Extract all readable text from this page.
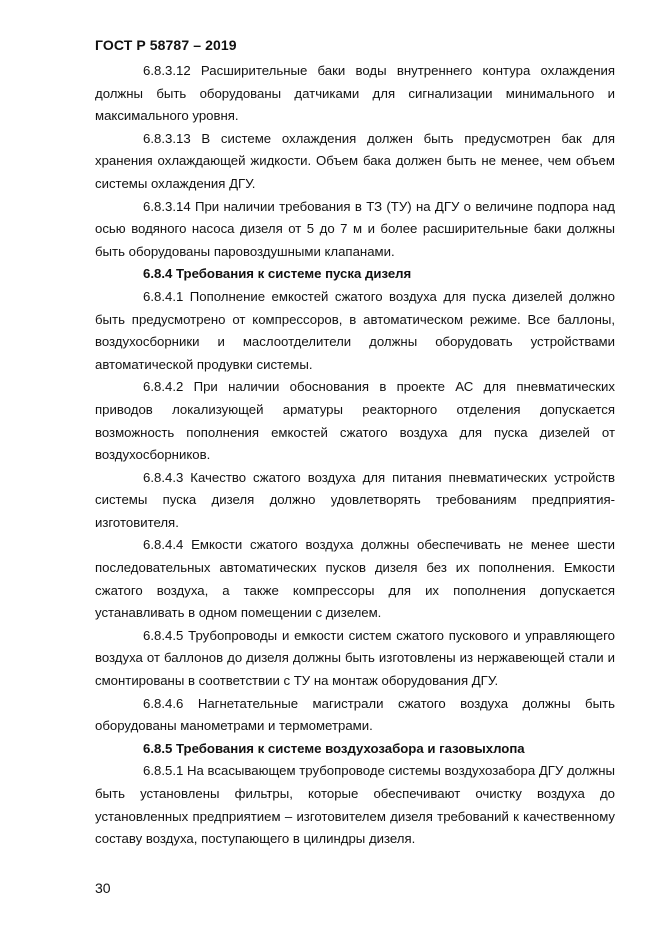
ГОСТ Р 58787 – 2019

6.8.3.12 Расширительные баки воды внутреннего контура охлаждения должны быть оборудованы датчиками для сигнализации минимального и максимального уровня.

6.8.3.13 В системе охлаждения должен быть предусмотрен бак для хранения охлаждающей жидкости. Объем бака должен быть не менее, чем объем системы охлаждения ДГУ.

6.8.3.14 При наличии требования в ТЗ (ТУ) на ДГУ о величине подпора над осью водяного насоса дизеля от 5 до 7 м и более расширительные баки должны быть оборудованы паровоздушными клапанами.

6.8.4 Требования к системе пуска дизеля

6.8.4.1 Пополнение емкостей сжатого воздуха для пуска дизелей должно быть предусмотрено от компрессоров, в автоматическом режиме. Все баллоны, воздухосборники и маслоотделители должны оборудовать устройствами автоматической продувки системы.

6.8.4.2 При наличии обоснования в проекте АС для пневматических приводов локализующей арматуры реакторного отделения допускается возможность пополнения емкостей сжатого воздуха для пуска дизелей от воздухосборников.

6.8.4.3 Качество сжатого воздуха для питания пневматических устройств системы пуска дизеля должно удовлетворять требованиям предприятия-изготовителя.

6.8.4.4 Емкости сжатого воздуха должны обеспечивать не менее шести последовательных автоматических пусков дизеля без их пополнения. Емкости сжатого воздуха, а также компрессоры для их пополнения допускается устанавливать в одном помещении с дизелем.

6.8.4.5 Трубопроводы и емкости систем сжатого пускового и управляющего воздуха от баллонов до дизеля должны быть изготовлены из нержавеющей стали и смонтированы в соответствии с ТУ на монтаж оборудования ДГУ.

6.8.4.6 Нагнетательные магистрали сжатого воздуха должны быть оборудованы манометрами и термометрами.

6.8.5 Требования к системе воздухозабора и газовыхлопа

6.8.5.1 На всасывающем трубопроводе системы воздухозабора ДГУ должны быть установлены фильтры, которые обеспечивают очистку воздуха до установленных предприятием – изготовителем дизеля требований к качественному составу воздуха, поступающего в цилиндры дизеля.

30
